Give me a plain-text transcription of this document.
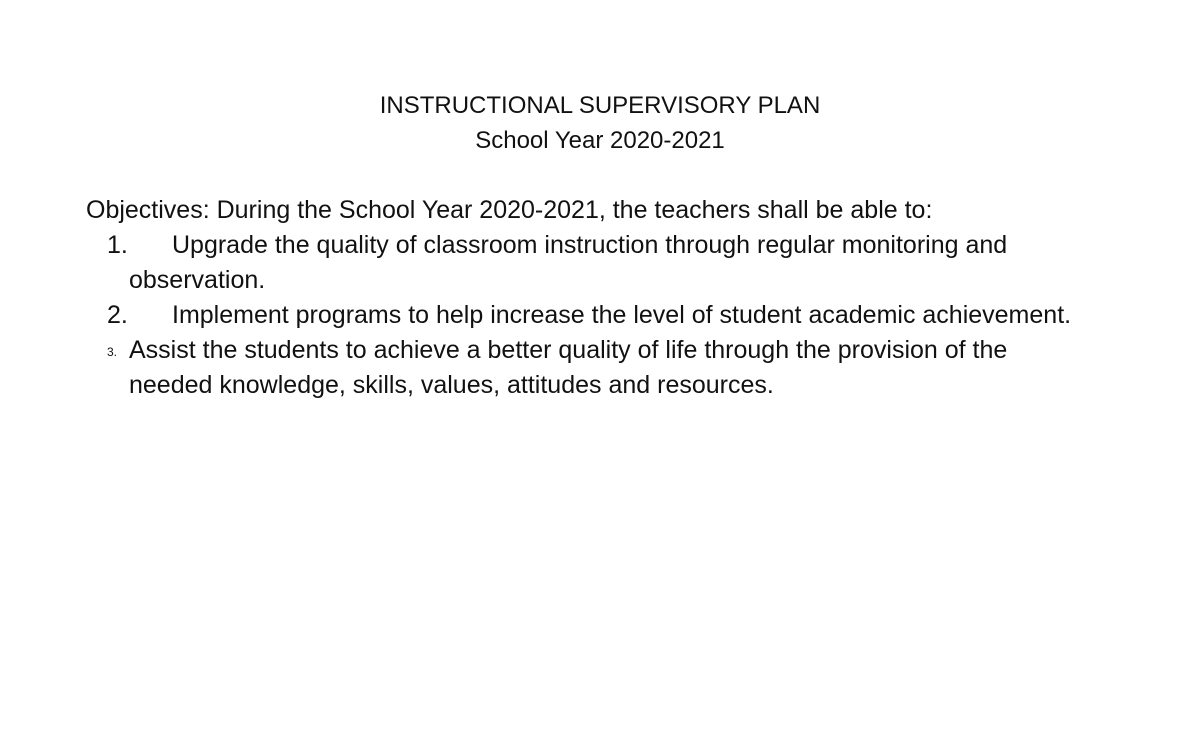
INSTRUCTIONAL SUPERVISORY PLAN
School Year 2020-2021
Objectives: During the School Year 2020-2021, the teachers shall be able to:
1. Upgrade the quality of classroom instruction through regular monitoring and observation.
2. Implement programs to help increase the level of student academic achievement.
3. Assist the students to achieve a better quality of life through the provision of the needed knowledge, skills, values, attitudes and resources.
